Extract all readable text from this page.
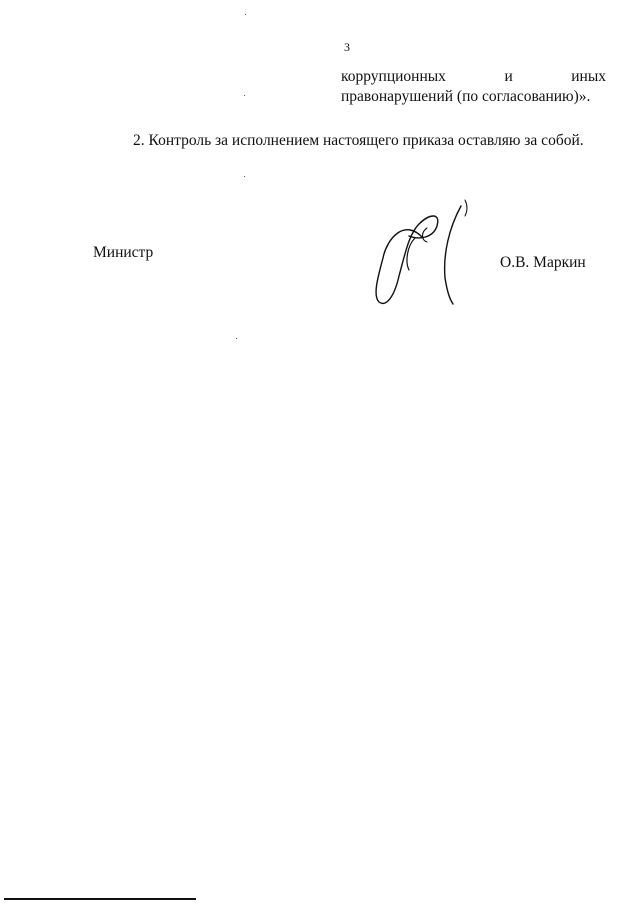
3
коррупционных	и	иных
правонарушений (по согласованию)».
2. Контроль за исполнением настоящего приказа оставляю за собой.
Министр
О.В. Маркин
